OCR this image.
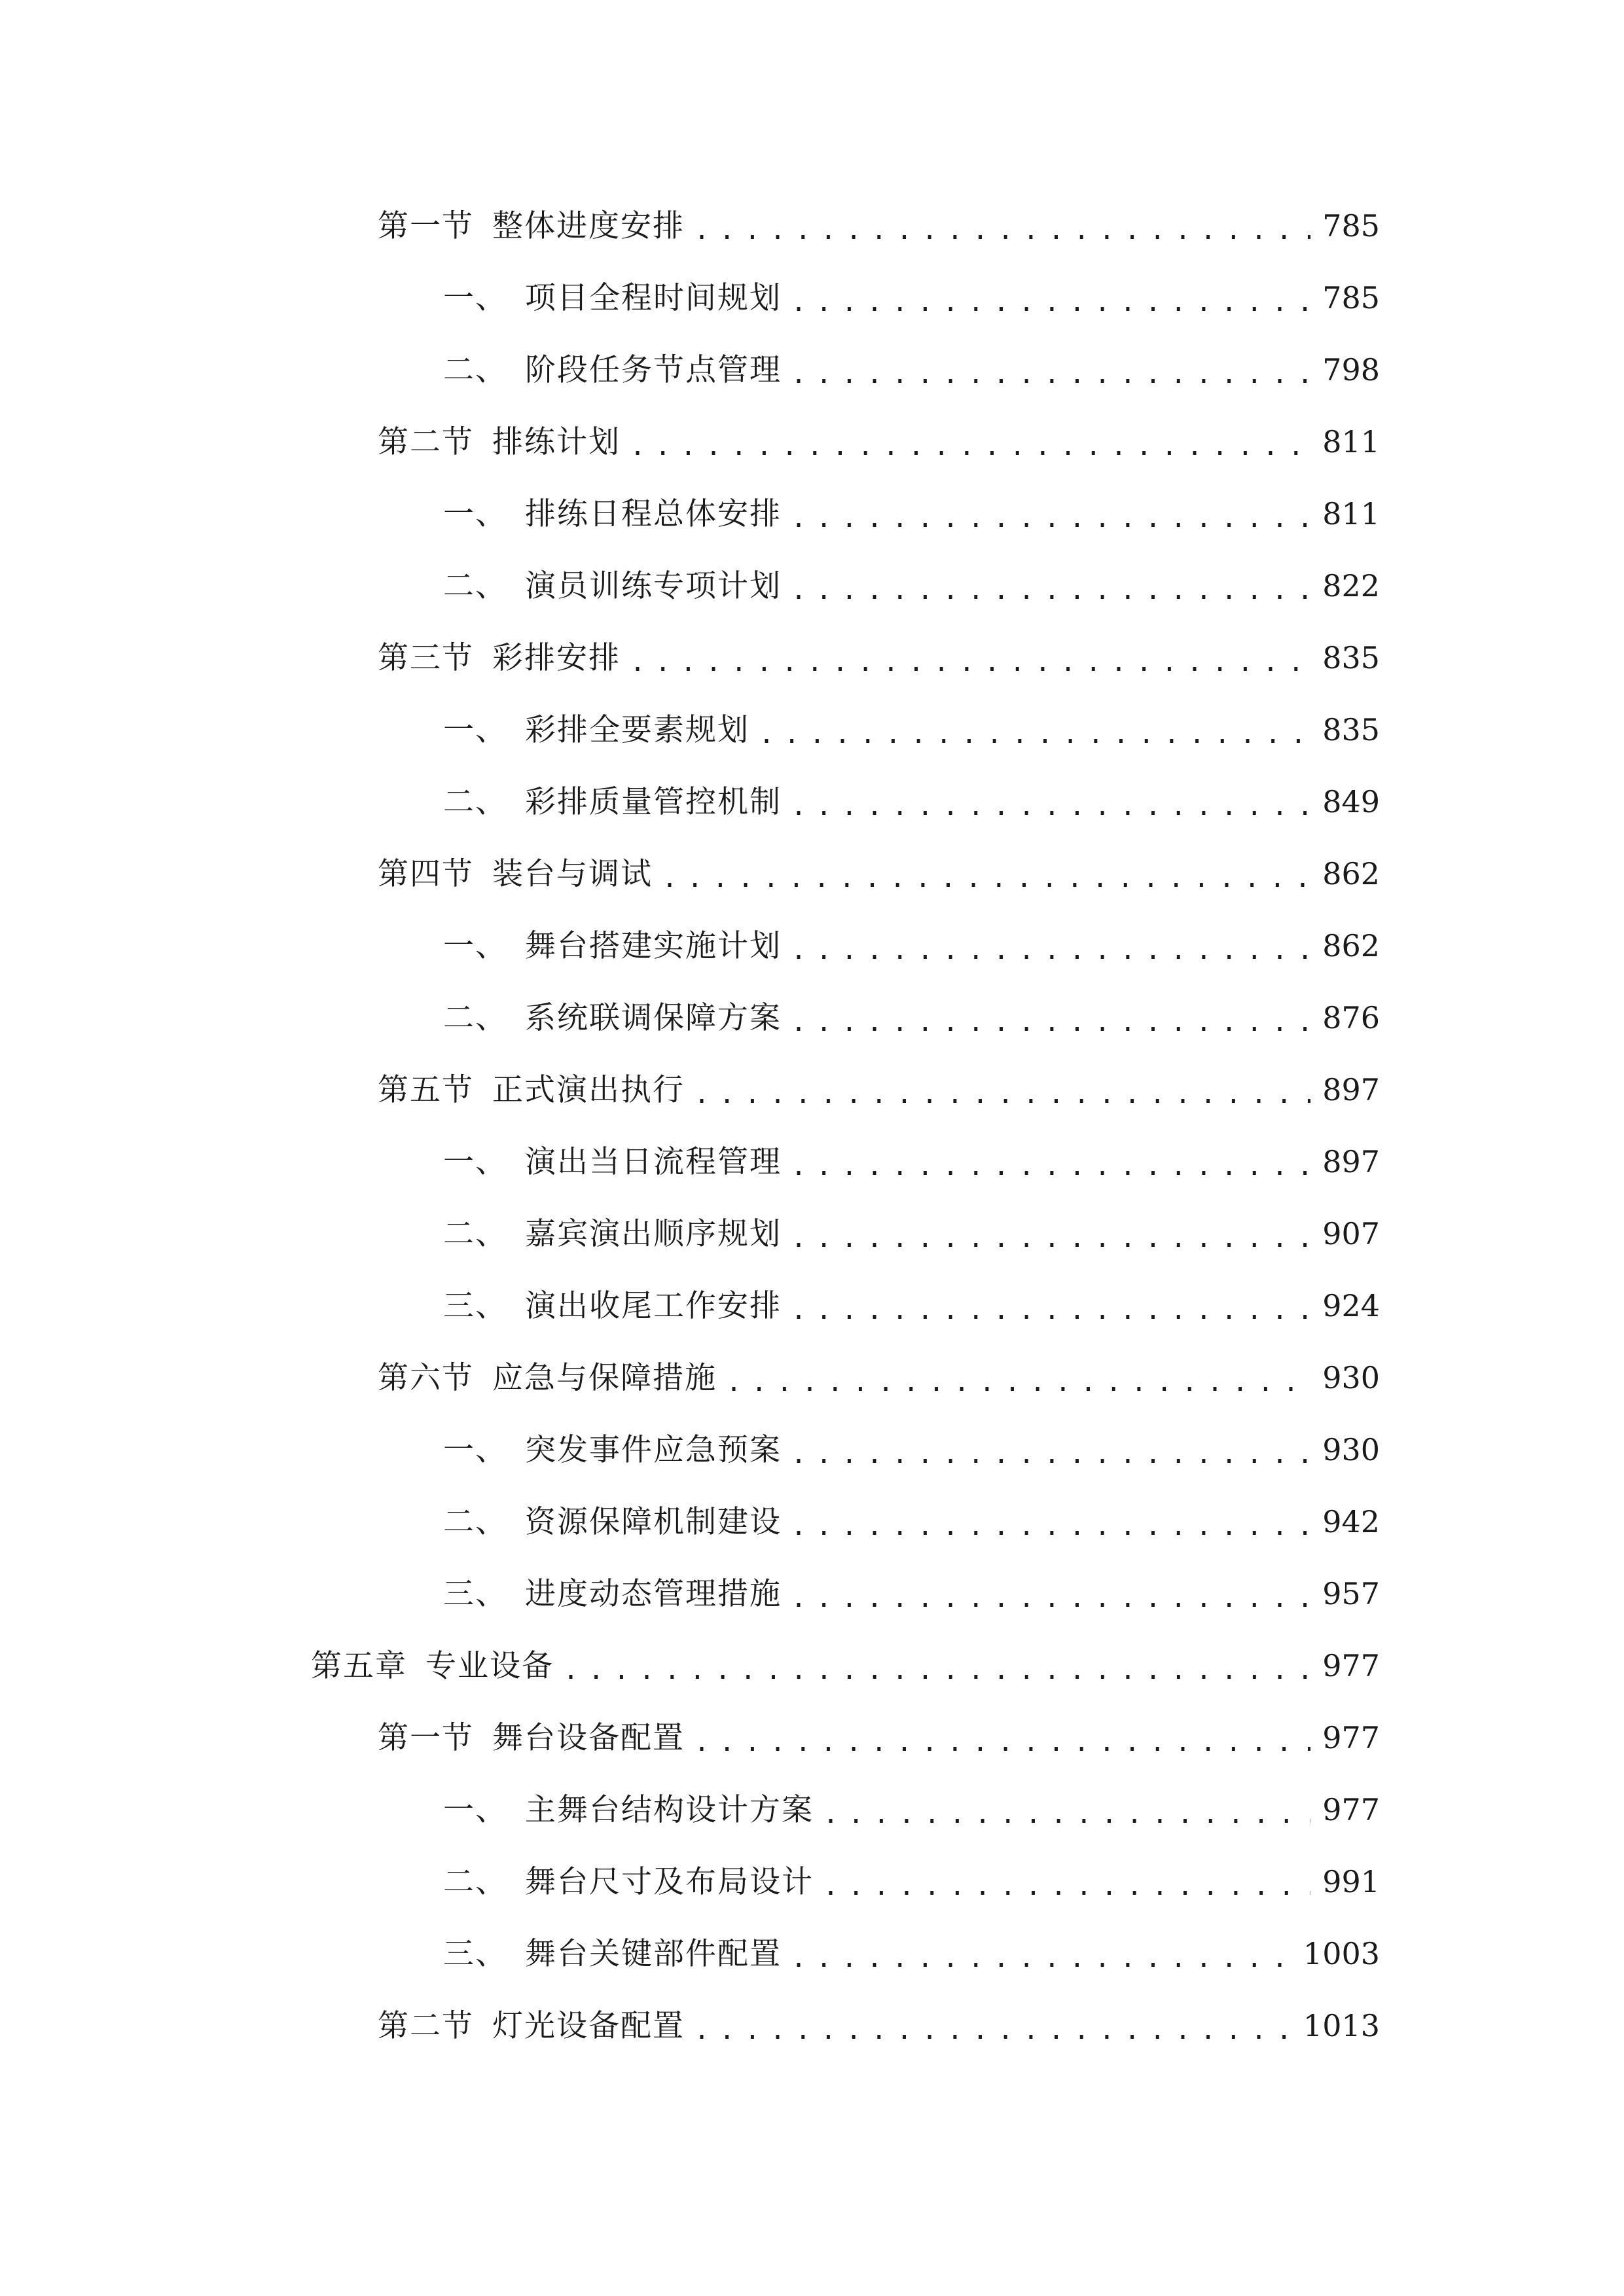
第一节 整体进度安排 .....	785
一、 项目全程时间规划 .....	785
二、 阶段任务节点管理 .....	798
第二节 排练计划 .....	811
一、 排练日程总体安排 .....	811
二、 演员训练专项计划 .....	822
第三节 彩排安排 .....	835
一、 彩排全要素规划 .....	835
二、 彩排质量管控机制 .....	849
第四节 装台与调试 .....	862
一、 舞台搭建实施计划 .....	862
二、 系统联调保障方案 .....	876
第五节 正式演出执行 .....	897
一、 演出当日流程管理 .....	897
二、 嘉宾演出顺序规划 .....	907
三、 演出收尾工作安排 .....	924
第六节 应急与保障措施 .....	930
一、 突发事件应急预案 .....	930
二、 资源保障机制建设 .....	942
三、 进度动态管理措施 .....	957
第五章 专业设备 .....	977
第一节 舞台设备配置 .....	977
一、 主舞台结构设计方案 .....	977
二、 舞台尺寸及布局设计 .....	991
三、 舞台关键部件配置 .....	1003
第二节 灯光设备配置 .....	1013
